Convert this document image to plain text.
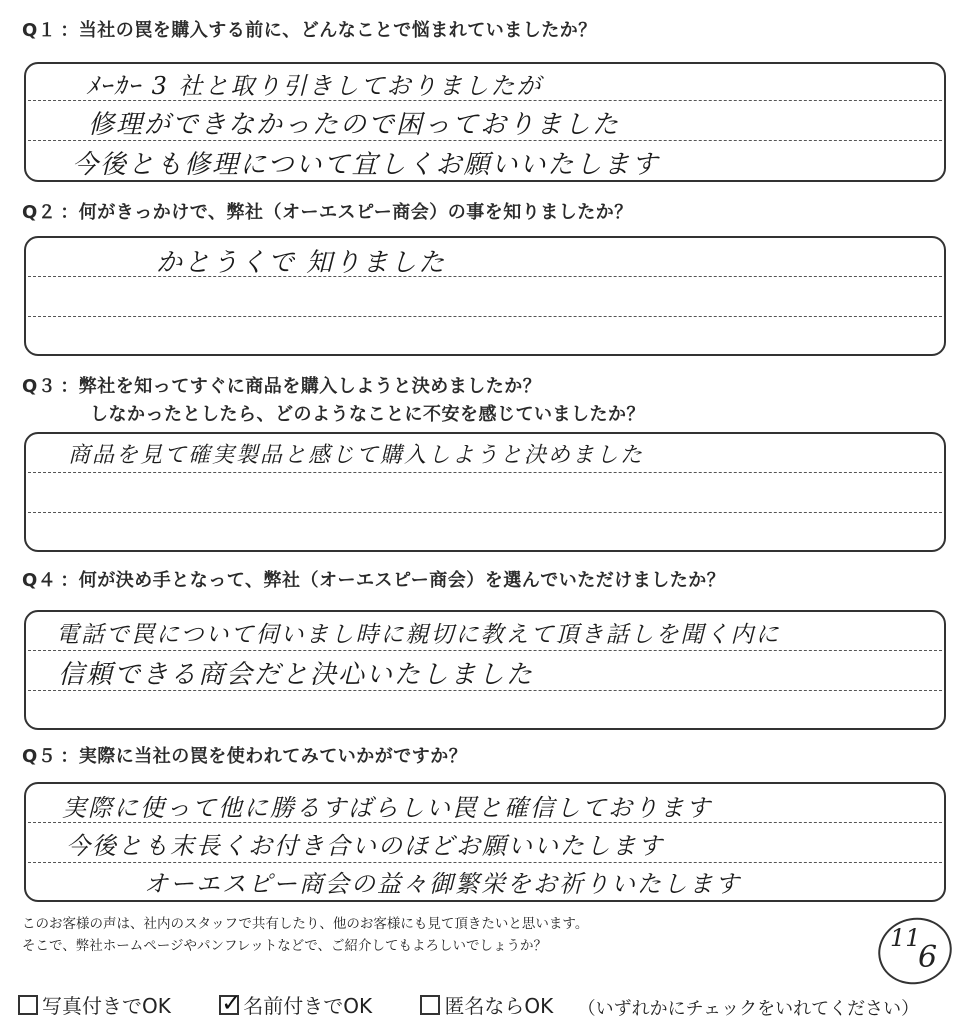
Q１ ：当社の罠を購入する前に、どんなことで悩まれていましたか？
ﾒｰｶｰ 3 社と取り引きしておりましたが
修理ができなかったので困っておりました
今後とも修理について宜しくお願いいたします
Q２ ：何がきっかけで、弊社（オーエスピー商会）の事を知りましたか？
かとうくで 知りました
Q３ ：弊社を知ってすぐに商品を購入しようと決めましたか？
しなかったとしたら、どのようなことに不安を感じていましたか？
商品を見て確実製品と感じて購入しようと決めました
Q４ ：何が決め手となって、弊社（オーエスピー商会）を選んでいただけましたか？
電話で罠について伺いまし時に親切に教えて頂き話しを聞く内に
信頼できる商会だと決心いたしました
Q５ ：実際に当社の罠を使われてみていかがですか？
実際に使って他に勝るすばらしい罠と確信しております
今後とも末長くお付き合いのほどお願いいたします
オーエスピー商会の益々御繁栄をお祈りいたします
このお客様の声は、社内のスタッフで共有したり、他のお客様にも見て頂きたいと思います。
そこで、弊社ホームページやパンフレットなどで、ご紹介してもよろしいでしょうか？	11
6
写真付きでOK

✓	名前付きでOK
	匿名ならOK （いずれかにチェックをいれてください）
